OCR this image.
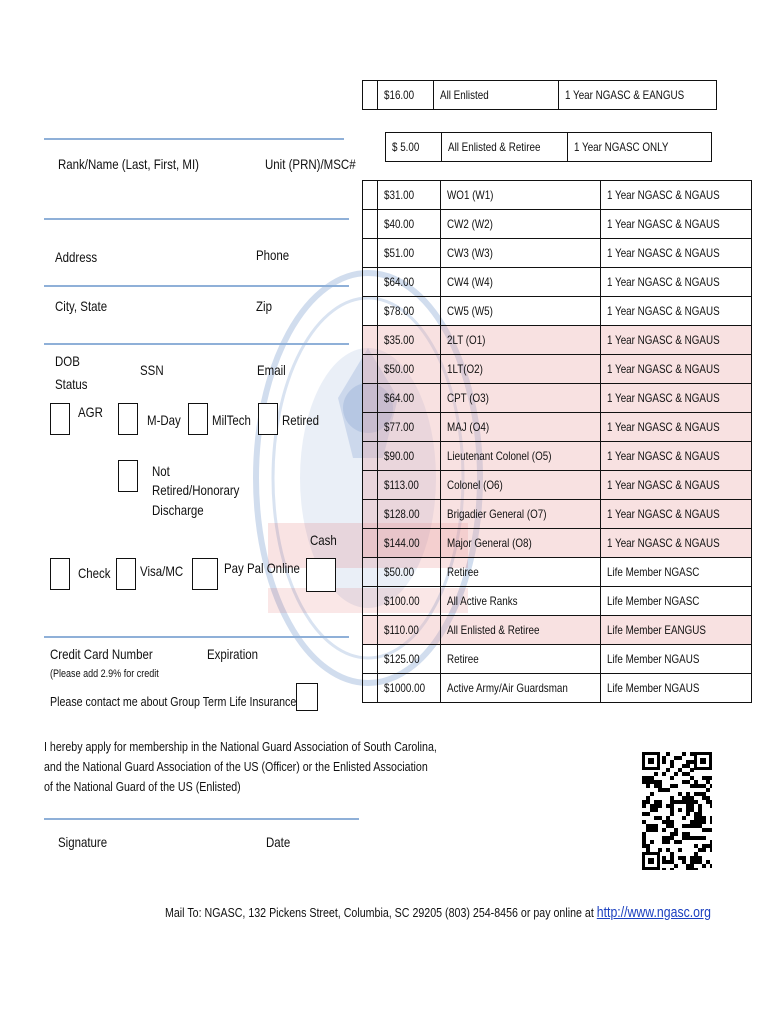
Rank/Name (Last, First, MI)	Unit (PRN)/MSC#
Address	Phone
City, State	Zip
DOB
Status
SSN	Email
AGR	M-Day MilTech Retired
Not
Retired/Honorary
Discharge
Cash
Check Visa/MC	Pay Pal Online
Credit Card Number	Expiration
(Please add 2.9% for credit
Please contact me about Group Term Life Insurance
I hereby apply for membership in the National Guard Association of South Carolina,
and the National Guard Association of the US (Officer) or the Enlisted Association
of the National Guard of the US (Enlisted)
Signature	Date
Mail To: NGASC, 132 Pickens Street, Columbia, SC 29205 (803) 254-8456 or pay online at http://www.ngasc.org
	$16.00	All Enlisted	1 Year NGASC & EANGUS
$ 5.00	All Enlisted & Retiree	1 Year NGASC ONLY
	$31.00	WO1 (W1)	1 Year NGASC & NGAUS
	$40.00	CW2 (W2)	1 Year NGASC & NGAUS
	$51.00	CW3 (W3)	1 Year NGASC & NGAUS
	$64.00	CW4 (W4)	1 Year NGASC & NGAUS
	$78.00	CW5 (W5)	1 Year NGASC & NGAUS
	$35.00	2LT (O1)	1 Year NGASC & NGAUS
	$50.00	1LT(O2)	1 Year NGASC & NGAUS
	$64.00	CPT (O3)	1 Year NGASC & NGAUS
	$77.00	MAJ (O4)	1 Year NGASC & NGAUS
	$90.00	Lieutenant Colonel (O5)	1 Year NGASC & NGAUS
	$113.00	Colonel (O6)	1 Year NGASC & NGAUS
	$128.00	Brigadier General (O7)	1 Year NGASC & NGAUS
	$144.00	Major General (O8)	1 Year NGASC & NGAUS
	$50.00	Retiree	Life Member NGASC
	$100.00	All Active Ranks	Life Member NGASC
	$110.00	All Enlisted & Retiree	Life Member EANGUS
	$125.00	Retiree	Life Member NGAUS
	$1000.00	Active Army/Air Guardsman	Life Member NGAUS
